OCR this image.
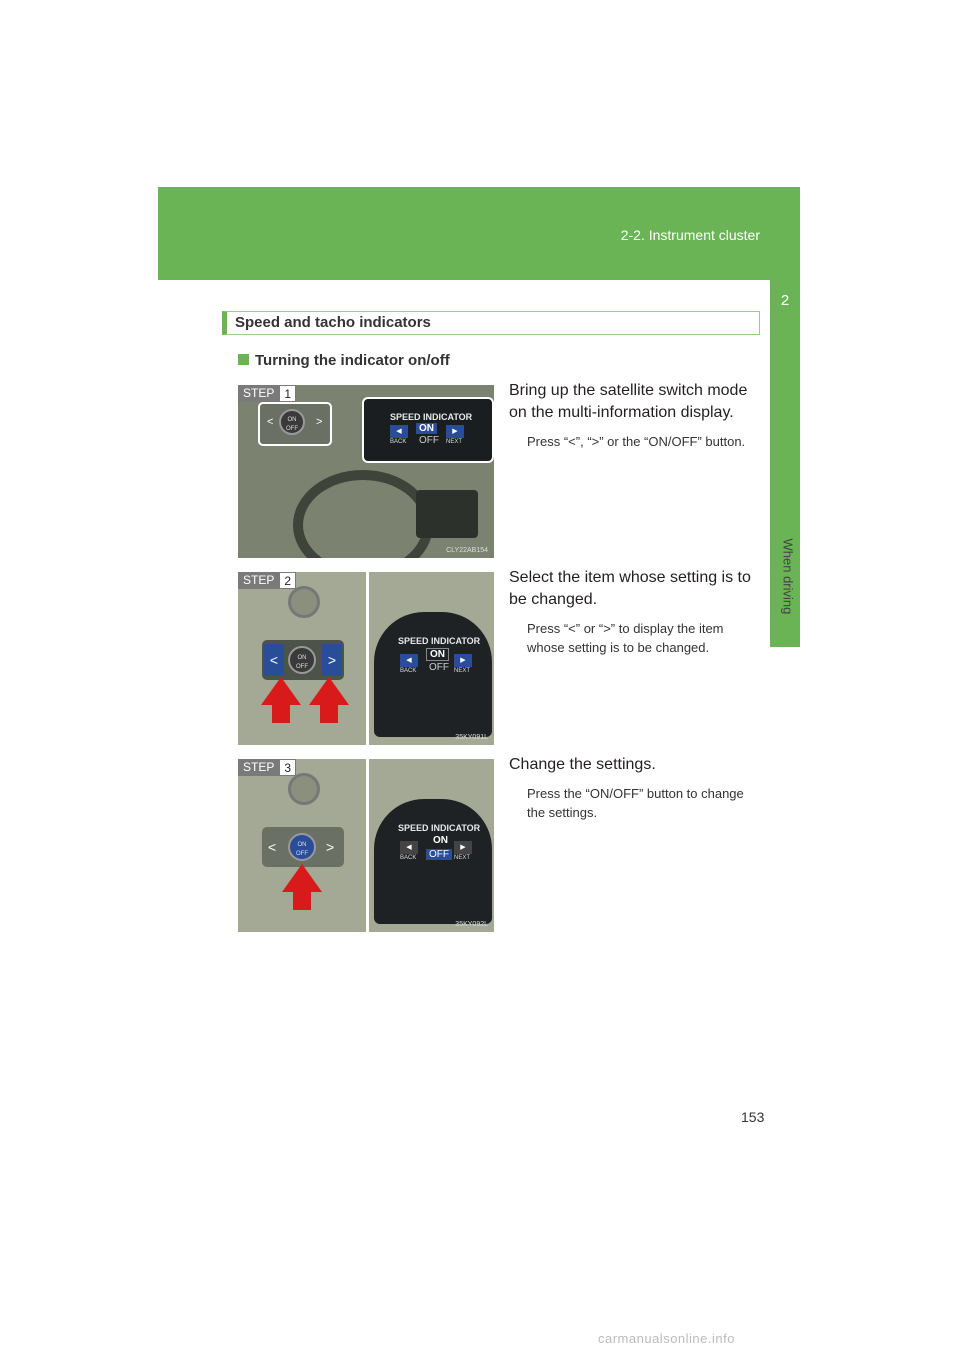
2-2. Instrument cluster
2
When driving
Speed and tacho indicators
Turning the indicator on/off
STEP 1
<	ON
OFF
>	SPEED INDICATOR
◀
BACK
ON
OFF
▶
NEXT
CLY22AB154
Bring up the satellite switch mode on the multi-information display.
Press “<”, “>” or the “ON/OFF” button.
STEP 2
<	ON
OFF	>
SPEED INDICATOR
◀
BACK
ON
OFF
▶
NEXT
35KY091L
Select the item whose setting is to be changed.
Press “<” or “>” to display the item whose setting is to be changed.
STEP 3
<	ON
OFF	>
SPEED INDICATOR
◀
BACK
ON
OFF
▶
NEXT
35KY092L
Change the settings.
Press the “ON/OFF” button to change the settings.
153
carmanualsonline.info
